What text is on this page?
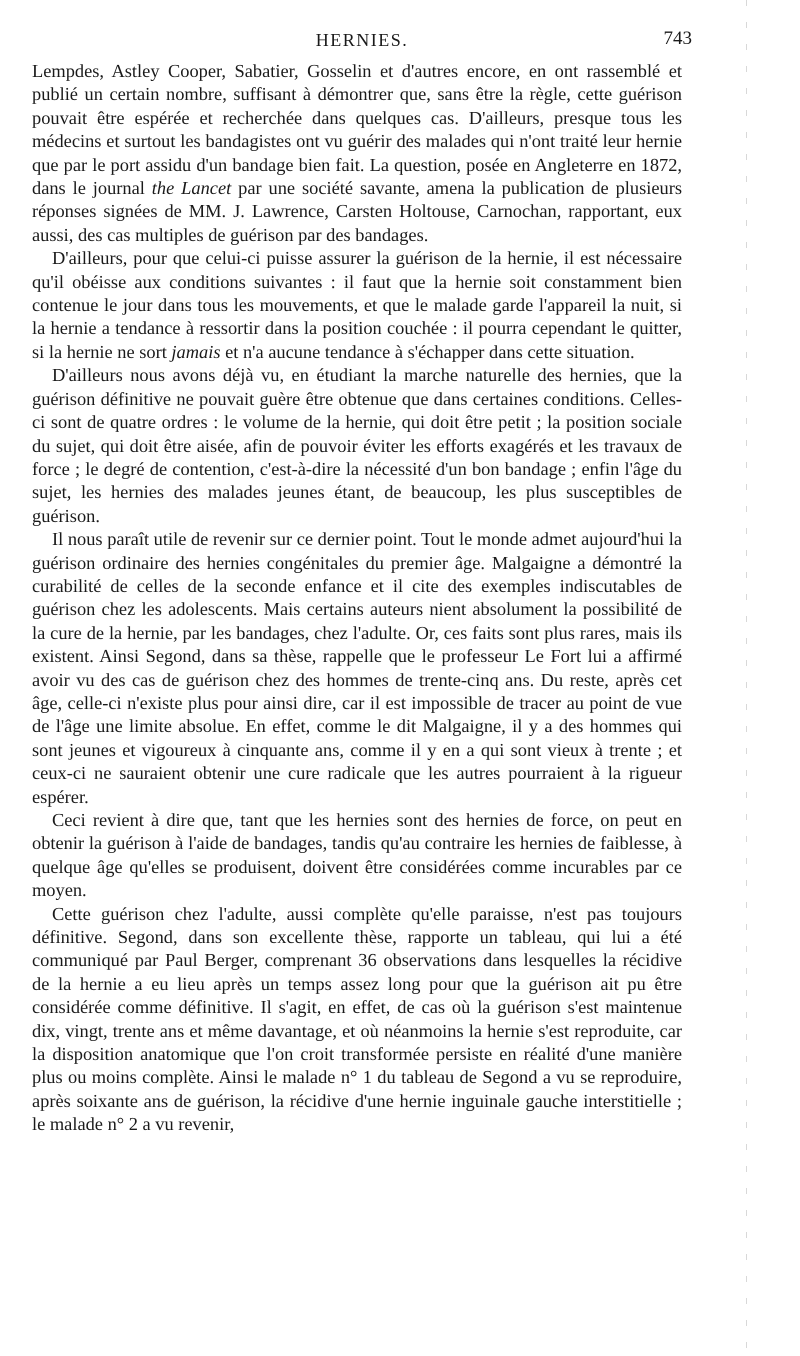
HERNIES.	743

Lempdes, Astley Cooper, Sabatier, Gosselin et d'autres encore, en ont rassemblé et publié un certain nombre, suffisant à démontrer que, sans être la règle, cette guérison pouvait être espérée et recherchée dans quelques cas. D'ailleurs, presque tous les médecins et surtout les bandagistes ont vu guérir des malades qui n'ont traité leur hernie que par le port assidu d'un bandage bien fait. La question, posée en Angleterre en 1872, dans le journal the Lancet par une société savante, amena la publication de plusieurs réponses signées de MM. J. Lawrence, Carsten Holtouse, Carnochan, rapportant, eux aussi, des cas multiples de guérison par des bandages.

D'ailleurs, pour que celui-ci puisse assurer la guérison de la hernie, il est nécessaire qu'il obéisse aux conditions suivantes : il faut que la hernie soit constamment bien contenue le jour dans tous les mouvements, et que le malade garde l'appareil la nuit, si la hernie a tendance à ressortir dans la position couchée : il pourra cependant le quitter, si la hernie ne sort jamais et n'a aucune tendance à s'échapper dans cette situation.

D'ailleurs nous avons déjà vu, en étudiant la marche naturelle des hernies, que la guérison définitive ne pouvait guère être obtenue que dans certaines conditions. Celles-ci sont de quatre ordres : le volume de la hernie, qui doit être petit ; la position sociale du sujet, qui doit être aisée, afin de pouvoir éviter les efforts exagérés et les travaux de force ; le degré de contention, c'est-à-dire la nécessité d'un bon bandage ; enfin l'âge du sujet, les hernies des malades jeunes étant, de beaucoup, les plus susceptibles de guérison.

Il nous paraît utile de revenir sur ce dernier point. Tout le monde admet aujourd'hui la guérison ordinaire des hernies congénitales du premier âge. Malgaigne a démontré la curabilité de celles de la seconde enfance et il cite des exemples indiscutables de guérison chez les adolescents. Mais certains auteurs nient absolument la possibilité de la cure de la hernie, par les bandages, chez l'adulte. Or, ces faits sont plus rares, mais ils existent. Ainsi Segond, dans sa thèse, rappelle que le professeur Le Fort lui a affirmé avoir vu des cas de guérison chez des hommes de trente-cinq ans. Du reste, après cet âge, celle-ci n'existe plus pour ainsi dire, car il est impossible de tracer au point de vue de l'âge une limite absolue. En effet, comme le dit Malgaigne, il y a des hommes qui sont jeunes et vigoureux à cinquante ans, comme il y en a qui sont vieux à trente ; et ceux-ci ne sauraient obtenir une cure radicale que les autres pourraient à la rigueur espérer.

Ceci revient à dire que, tant que les hernies sont des hernies de force, on peut en obtenir la guérison à l'aide de bandages, tandis qu'au contraire les hernies de faiblesse, à quelque âge qu'elles se produisent, doivent être considérées comme incurables par ce moyen.

Cette guérison chez l'adulte, aussi complète qu'elle paraisse, n'est pas toujours définitive. Segond, dans son excellente thèse, rapporte un tableau, qui lui a été communiqué par Paul Berger, comprenant 36 observations dans lesquelles la récidive de la hernie a eu lieu après un temps assez long pour que la guérison ait pu être considérée comme définitive. Il s'agit, en effet, de cas où la guérison s'est maintenue dix, vingt, trente ans et même davantage, et où néanmoins la hernie s'est reproduite, car la disposition anatomique que l'on croit transformée persiste en réalité d'une manière plus ou moins complète. Ainsi le malade n° 1 du tableau de Segond a vu se reproduire, après soixante ans de guérison, la récidive d'une hernie inguinale gauche interstitielle ; le malade n° 2 a vu revenir,
